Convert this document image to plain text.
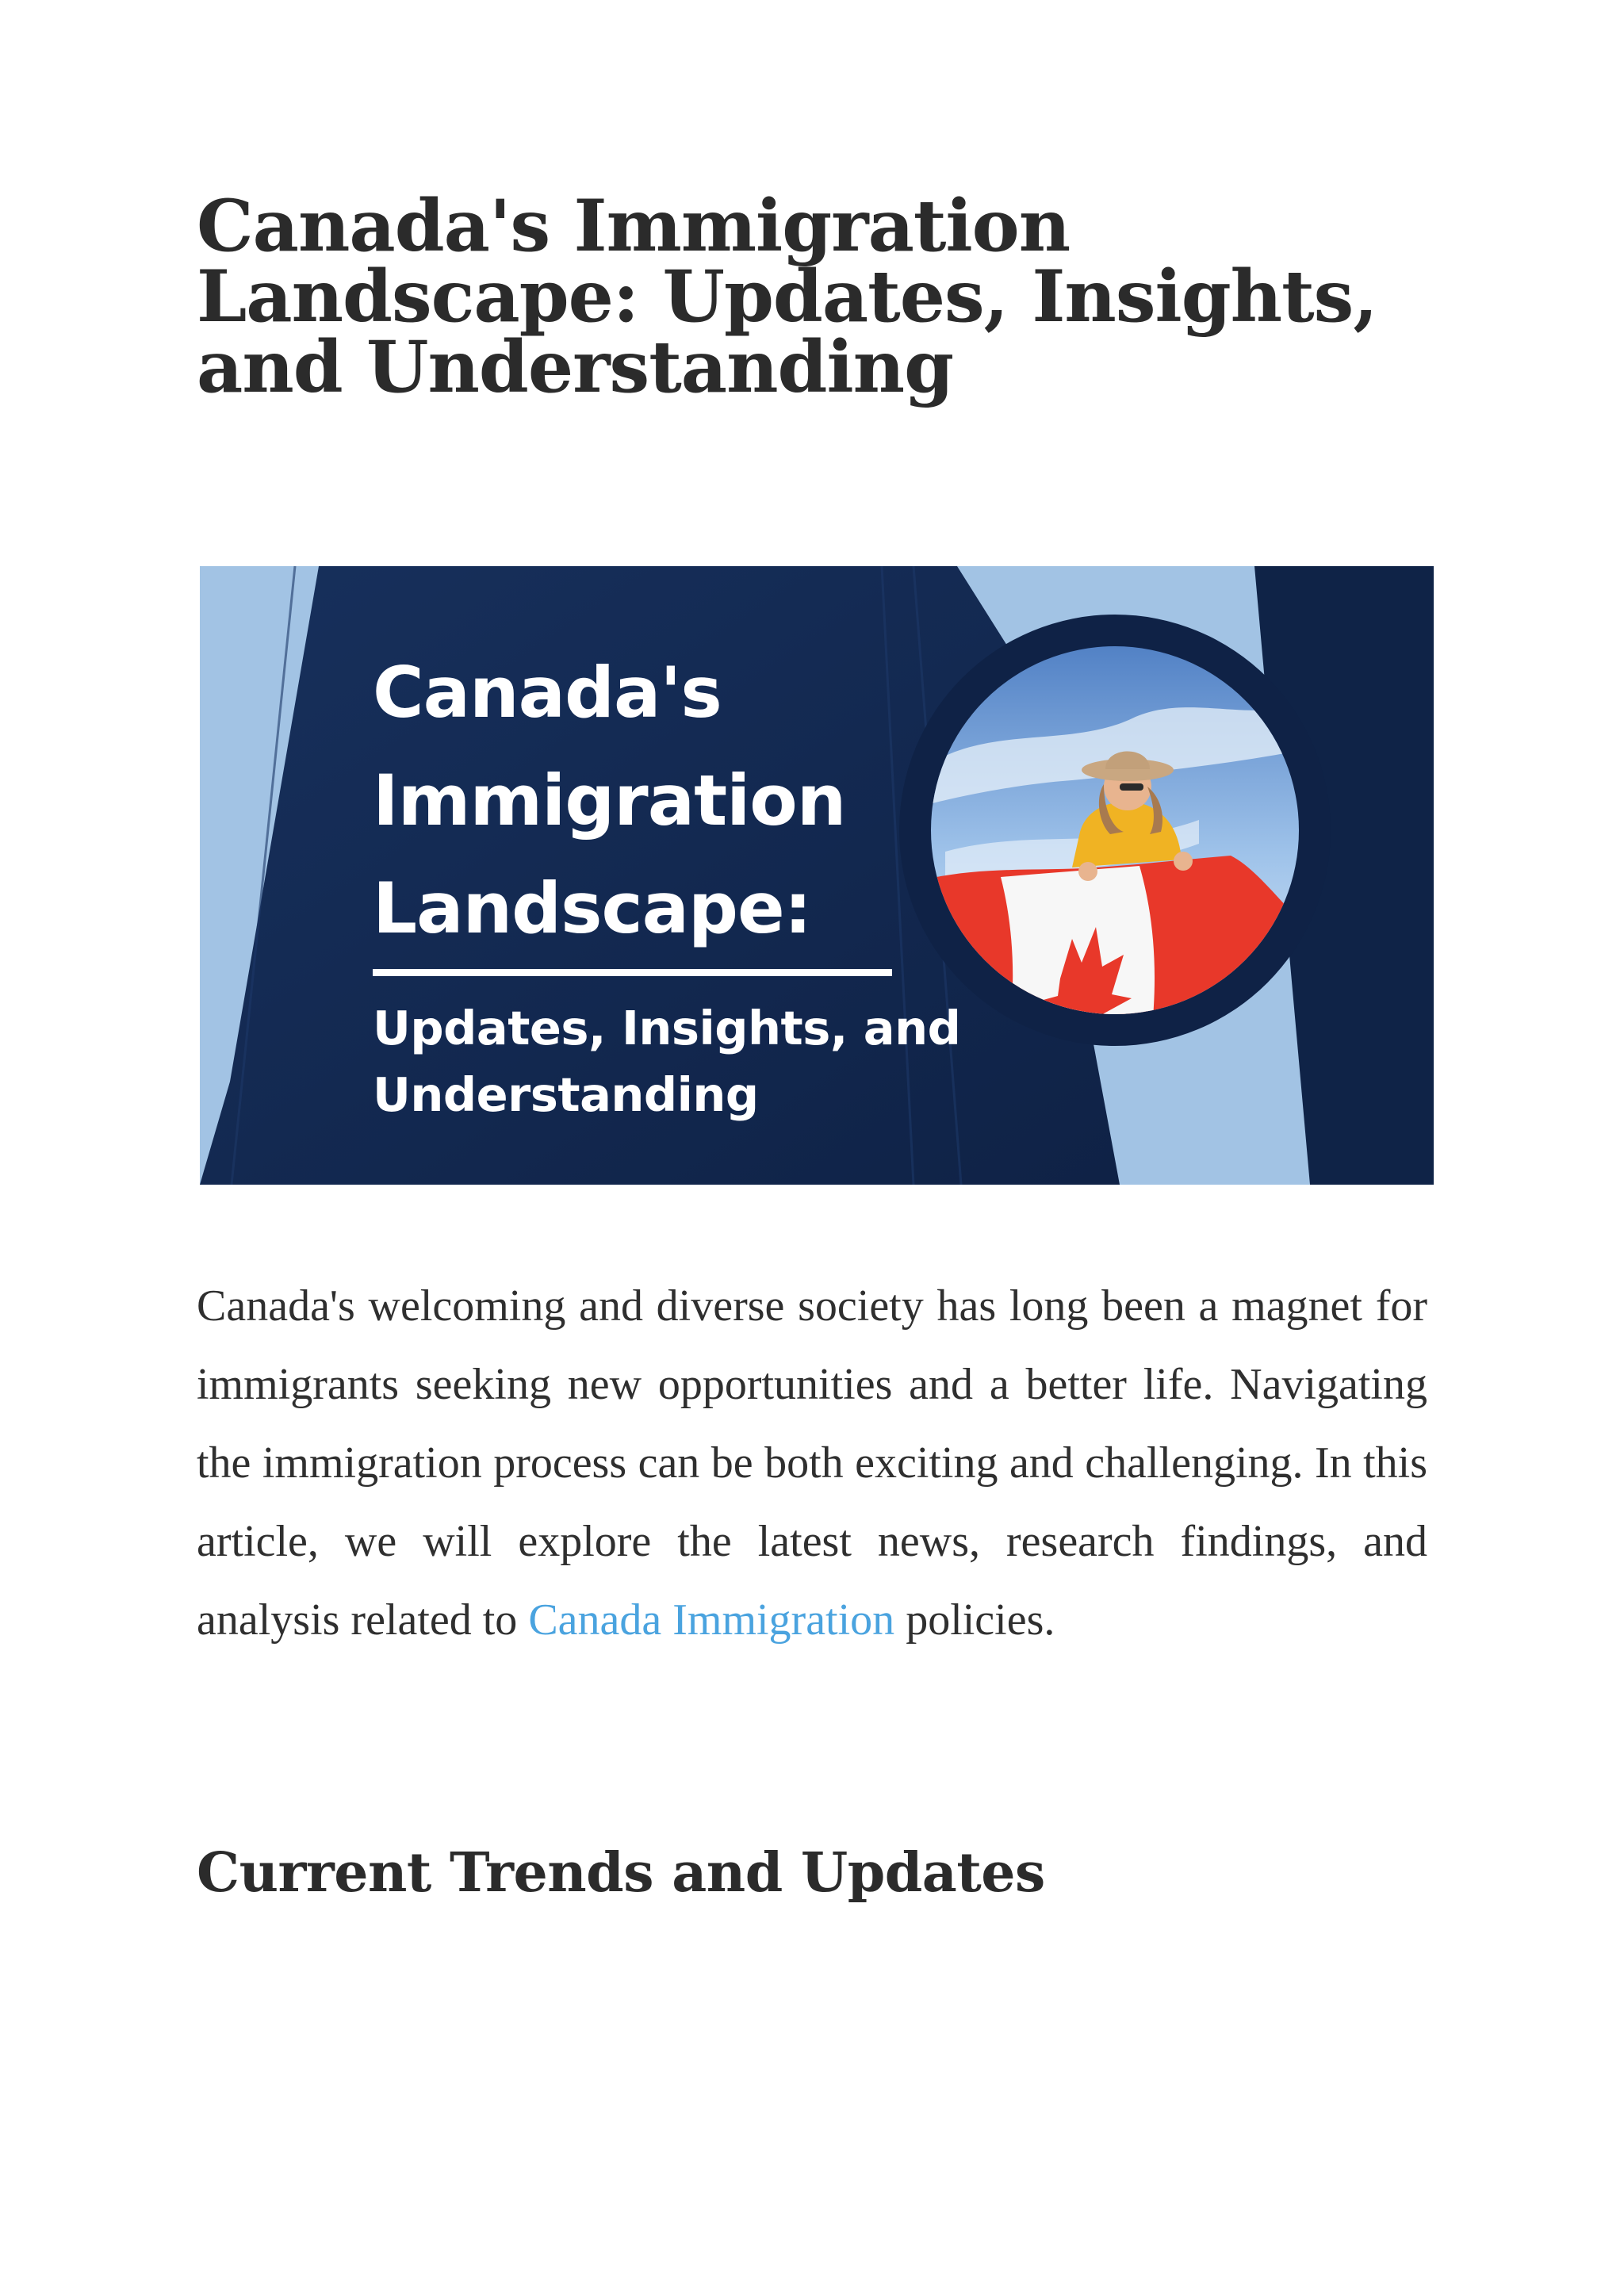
Canada's Immigration
Landscape: Updates, Insights,
and Understanding
Canada's
Immigration
Landscape:
Updates, Insights, and
Understanding

Canada's welcoming and diverse society has long been a magnet for immigrants seeking new opportunities and a better life. Navigating the immigration process can be both exciting and challenging. In this article, we will explore the latest news, research findings, and analysis related to Canada Immigration policies.

Current Trends and Updates
